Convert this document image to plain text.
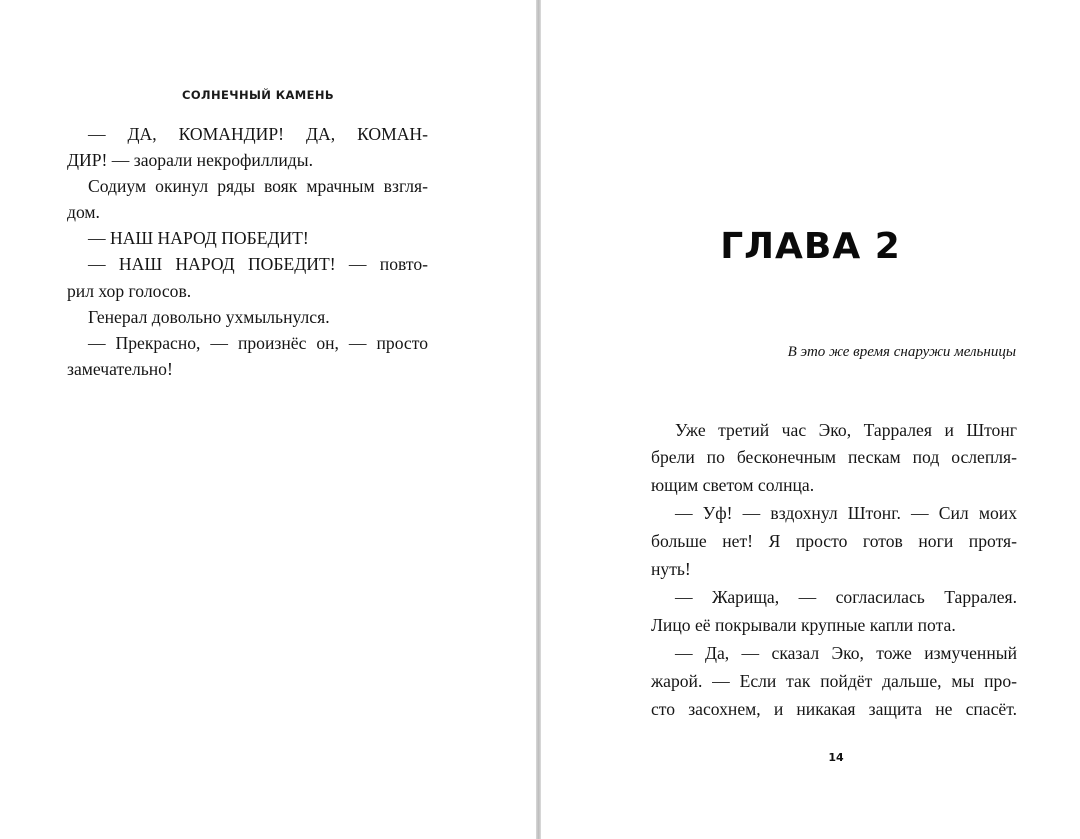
СОЛНЕЧНЫЙ КАМЕНЬ
— ДА, КОМАНДИР! ДА, КОМАН-
ДИР! — заорали некрофиллиды.
Содиум окинул ряды вояк мрачным взгля-
дом.
— НАШ НАРОД ПОБЕДИТ!
— НАШ НАРОД ПОБЕДИТ! — повто-
рил хор голосов.
Генерал довольно ухмыльнулся.
— Прекрасно, — произнёс он, — просто
замечательно!
ГЛАВА 2
В это же время снаружи мельницы
Уже третий час Эко, Тарралея и Штонг
брели по бесконечным пескам под ослепля-
ющим светом солнца.
— Уф! — вздохнул Штонг. — Сил моих
больше нет! Я просто готов ноги протя-
нуть!
— Жарища, — согласилась Тарралея.
Лицо её покрывали крупные капли пота.
— Да, — сказал Эко, тоже измученный
жарой. — Если так пойдёт дальше, мы про-
сто засохнем, и никакая защита не спасёт.
14
